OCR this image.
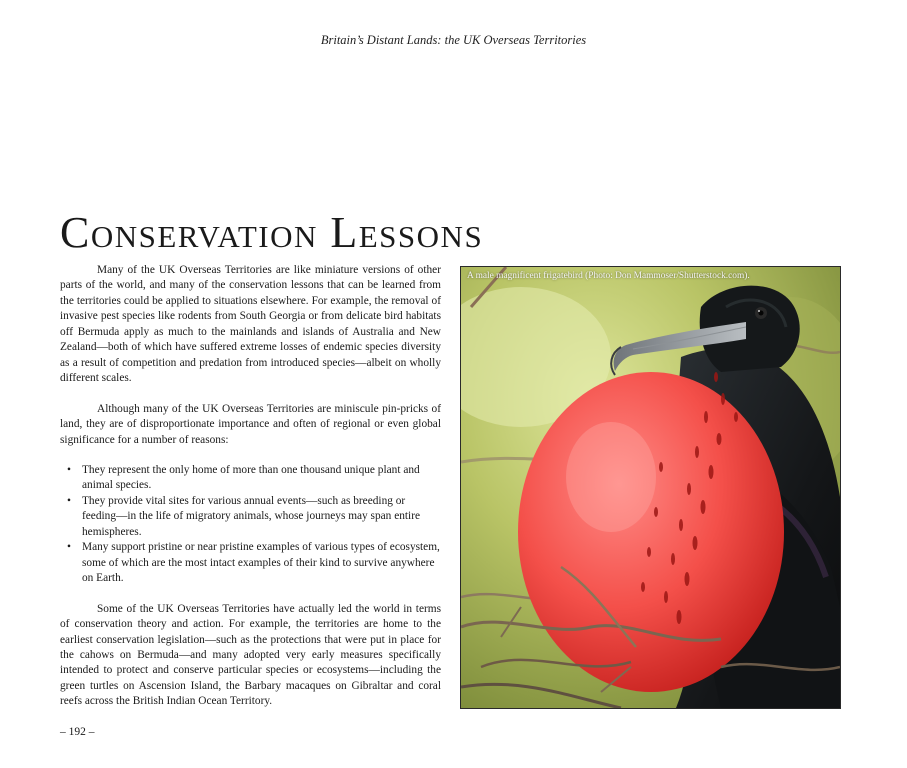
Britain’s Distant Lands: the UK Overseas Territories
Conservation Lessons

Many of the UK Overseas Territories are like miniature versions of other parts of the world, and many of the conservation lessons that can be learned from the territories could be applied to situations elsewhere. For example, the removal of invasive pest species like rodents from South Georgia or from delicate bird habitats off Bermuda apply as much to the mainlands and islands of Australia and New Zealand—both of which have suffered extreme losses of endemic species diversity as a result of competition and predation from introduced species—albeit on wholly different scales.

Although many of the UK Overseas Territories are miniscule pin-pricks of land, they are of disproportionate importance and often of regional or even global significance for a number of reasons:

• They represent the only home of more than one thousand unique plant and animal species.
• They provide vital sites for various annual events—such as breeding or feeding—in the life of migratory animals, whose journeys may span entire hemispheres.
• Many support pristine or near pristine examples of various types of ecosystem, some of which are the most intact examples of their kind to survive anywhere on Earth.

Some of the UK Overseas Territories have actually led the world in terms of conservation theory and action. For example, the territories are home to the earliest conservation legislation—such as the protections that were put in place for the cahows on Bermuda—and many adopted very early measures specifically intended to protect and conserve particular species or ecosystems—including the green turtles on Ascension Island, the Barbary macaques on Gibraltar and coral reefs across the British Indian Ocean Territory.

A male magnificent frigatebird (Photo: Don Mammoser/Shutterstock.com).
– 192 –
